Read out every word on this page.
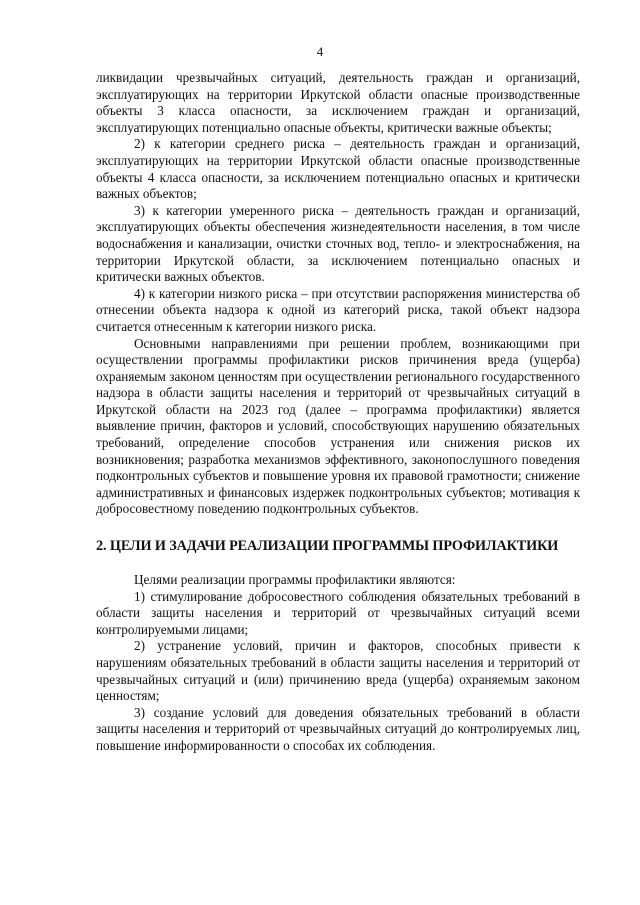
4

ликвидации чрезвычайных ситуаций, деятельность граждан и организаций, эксплуатирующих на территории Иркутской области опасные производственные объекты 3 класса опасности, за исключением граждан и организаций, эксплуатирующих потенциально опасные объекты, критически важные объекты;

2) к категории среднего риска – деятельность граждан и организаций, эксплуатирующих на территории Иркутской области опасные производственные объекты 4 класса опасности, за исключением потенциально опасных и критически важных объектов;

3) к категории умеренного риска – деятельность граждан и организаций, эксплуатирующих объекты обеспечения жизнедеятельности населения, в том числе водоснабжения и канализации, очистки сточных вод, тепло- и электроснабжения, на территории Иркутской области, за исключением потенциально опасных и критически важных объектов.

4) к категории низкого риска – при отсутствии распоряжения министерства об отнесении объекта надзора к одной из категорий риска, такой объект надзора считается отнесенным к категории низкого риска.

Основными направлениями при решении проблем, возникающими при осуществлении программы профилактики рисков причинения вреда (ущерба) охраняемым законом ценностям при осуществлении регионального государственного надзора в области защиты населения и территорий от чрезвычайных ситуаций в Иркутской области на 2023 год (далее – программа профилактики) является выявление причин, факторов и условий, способствующих нарушению обязательных требований, определение способов устранения или снижения рисков их возникновения; разработка механизмов эффективного, законопослушного поведения подконтрольных субъектов и повышение уровня их правовой грамотности; снижение административных и финансовых издержек подконтрольных субъектов; мотивация к добросовестному поведению подконтрольных субъектов.

2. ЦЕЛИ И ЗАДАЧИ РЕАЛИЗАЦИИ ПРОГРАММЫ ПРОФИЛАКТИКИ

Целями реализации программы профилактики являются:

1) стимулирование добросовестного соблюдения обязательных требований в области защиты населения и территорий от чрезвычайных ситуаций всеми контролируемыми лицами;

2) устранение условий, причин и факторов, способных привести к нарушениям обязательных требований в области защиты населения и территорий от чрезвычайных ситуаций и (или) причинению вреда (ущерба) охраняемым законом ценностям;

3) создание условий для доведения обязательных требований в области защиты населения и территорий от чрезвычайных ситуаций до контролируемых лиц, повышение информированности о способах их соблюдения.
